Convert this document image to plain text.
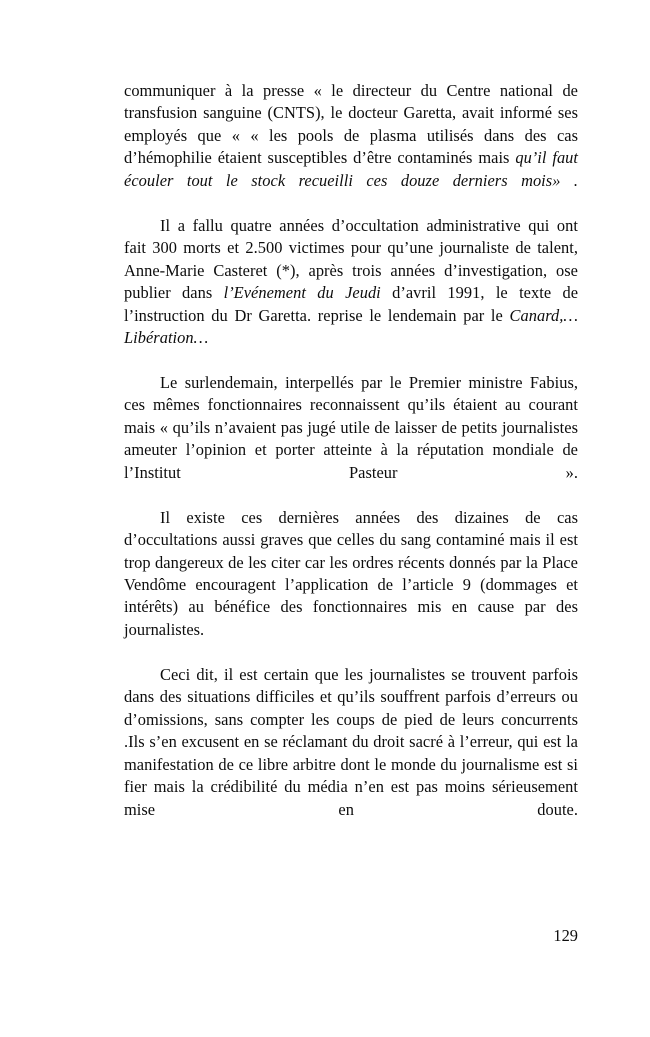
communiquer à la presse « le directeur du Centre national de transfusion sanguine (CNTS), le docteur Garetta, avait informé ses employés que « « les pools de plasma utilisés dans des cas d’hémophilie étaient susceptibles d’être contaminés mais qu’il faut écouler tout le stock recueilli ces douze derniers mois» .

Il a fallu quatre années d’occultation administrative qui ont fait 300 morts et 2.500 victimes pour qu’une journaliste de talent, Anne-Marie Casteret (*), après trois années d’investigation, ose publier dans l’Evénement du Jeudi d’avril 1991, le texte de l’instruction du Dr Garetta. reprise le lendemain par le Canard,…Libération…

Le surlendemain, interpellés par le Premier ministre Fabius, ces mêmes fonctionnaires reconnaissent qu’ils étaient au courant mais « qu’ils n’avaient pas jugé utile de laisser de petits journalistes ameuter l’opinion et porter atteinte à la réputation mondiale de l’Institut Pasteur ».

Il existe ces dernières années des dizaines de cas d’occultations aussi graves que celles du sang contaminé mais il est trop dangereux de les citer car les ordres récents donnés par la Place Vendôme encouragent l’application de l’article 9 (dommages et intérêts) au bénéfice des fonctionnaires mis en cause par des journalistes.

Ceci dit, il est certain que les journalistes se trouvent parfois dans des situations difficiles et qu’ils souffrent parfois d’erreurs ou d’omissions, sans compter les coups de pied de leurs concurrents .Ils s’en excusent en se réclamant du droit sacré à l’erreur, qui est la manifestation de ce libre arbitre dont le monde du journalisme est si fier mais la crédibilité du média n’en est pas moins sérieusement mise en doute.

129
